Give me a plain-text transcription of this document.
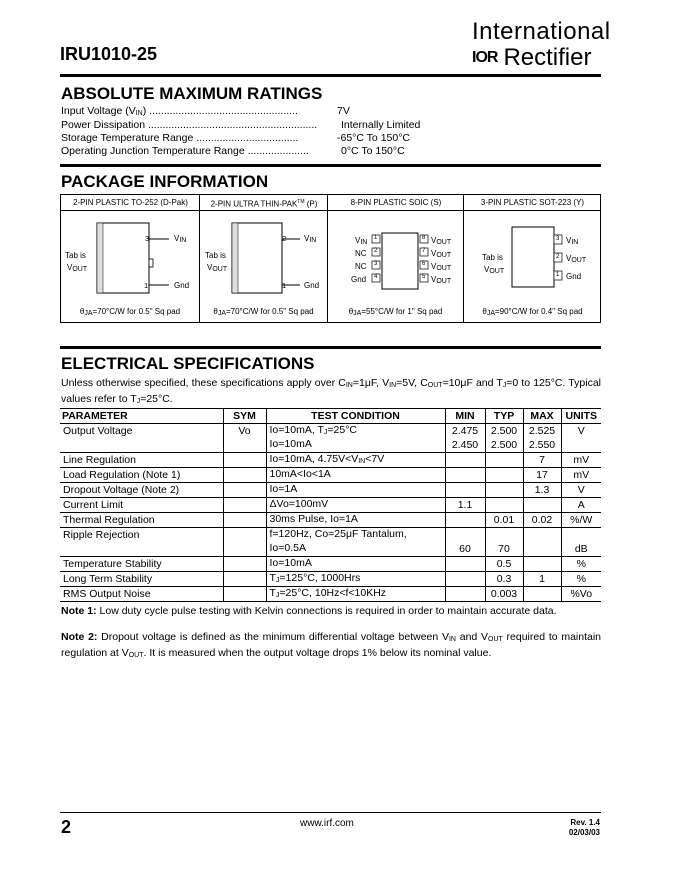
IRU1010-25
International
IOR Rectifier
ABSOLUTE MAXIMUM RATINGS
Input Voltage (VIN) ...................................................	7V
Power Dissipation .......................................................... Internally Limited
Storage Temperature Range ...................................	-65°C To 150°C
Operating Junction Temperature Range .....................	0°C To 150°C
PACKAGE INFORMATION
2-PIN PLASTIC TO-252 (D-Pak)	2-PIN ULTRA THIN-PAK™ (P)	8-PIN PLASTIC SOIC (S)	3-PIN PLASTIC SOT-223 (Y)
3
1
VIN
Gnd
Tab is
VOUT
2
1
VIN
Gnd
Tab is
VOUT
1
2
3
4
8
7
6
5
VIN
NC
NC
Gnd
VOUT
VOUT
VOUT
VOUT
3
2
1
VIN
VOUT
Gnd
Tab is
VOUT
θJA=70°C/W for 0.5" Sq pad	θJA=70°C/W for 0.5" Sq pad	θJA=55°C/W for 1" Sq pad	θJA=90°C/W for 0.4" Sq pad
ELECTRICAL SPECIFICATIONS
Unless otherwise specified, these specifications apply over CIN=1μF, VIN=5V, COUT=10μF and TJ=0 to 125°C. Typical values refer to TJ=25°C.
PARAMETER	SYM	TEST CONDITION	MIN	TYP	MAX	UNITS
Output Voltage	Vo	Io=10mA, TJ=25°C	2.475	2.500	2.525	V
		Io=10mA	2.450	2.500	2.550	
Line Regulation		Io=10mA, 4.75V<VIN<7V			7	mV
Load Regulation (Note 1)		10mA<Io<1A			17	mV
Dropout Voltage (Note 2)		Io=1A			1.3	V
Current Limit		ΔVo=100mV	1.1			A
Thermal Regulation		30ms Pulse, Io=1A		0.01	0.02	%/W
Ripple Rejection		f=120Hz, Co=25μF Tantalum,				
		Io=0.5A	60	70		dB
Temperature Stability		Io=10mA		0.5		%
Long Term Stability		TJ=125°C, 1000Hrs		0.3	1	%
RMS Output Noise		TJ=25°C, 10Hz<f<10KHz		0.003		%Vo
Note 1: Low duty cycle pulse testing with Kelvin connections is required in order to maintain accurate data.
Note 2: Dropout voltage is defined as the minimum differential voltage between VIN and VOUT required to maintain regulation at VOUT. It is measured when the output voltage drops 1% below its nominal value.
2	www.irf.com	Rev. 1.4
02/03/03
